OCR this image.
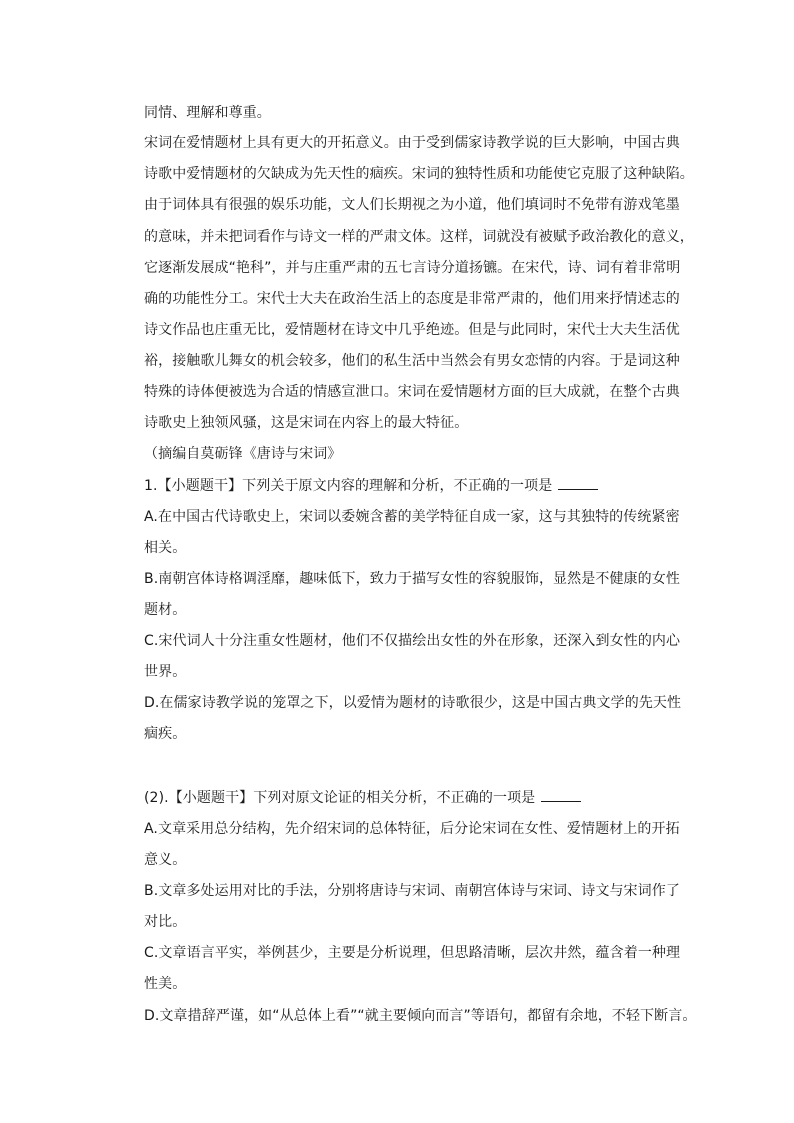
同情、理解和尊重。
宋词在爱情题材上具有更大的开拓意义。由于受到儒家诗教学说的巨大影响，中国古典
诗歌中爱情题材的欠缺成为先天性的痼疾。宋词的独特性质和功能使它克服了这种缺陷。
由于词体具有很强的娱乐功能，文人们长期视之为小道，他们填词时不免带有游戏笔墨
的意味，并未把词看作与诗文一样的严肃文体。这样，词就没有被赋予政治教化的意义，
它逐渐发展成“艳科”，并与庄重严肃的五七言诗分道扬镳。在宋代，诗、词有着非常明
确的功能性分工。宋代士大夫在政治生活上的态度是非常严肃的，他们用来抒情述志的
诗文作品也庄重无比，爱情题材在诗文中几乎绝迹。但是与此同时，宋代士大夫生活优
裕，接触歌儿舞女的机会较多，他们的私生活中当然会有男女恋情的内容。于是词这种
特殊的诗体便被选为合适的情感宣泄口。宋词在爱情题材方面的巨大成就，在整个古典
诗歌史上独领风骚，这是宋词在内容上的最大特征。
（摘编自莫砺锋《唐诗与宋词》
1.【小题题干】下列关于原文内容的理解和分析，不正确的一项是
A.在中国古代诗歌史上，宋词以委婉含蓄的美学特征自成一家，这与其独特的传统紧密
相关。
B.南朝宫体诗格调淫靡，趣味低下，致力于描写女性的容貌服饰，显然是不健康的女性
题材。
C.宋代词人十分注重女性题材，他们不仅描绘出女性的外在形象，还深入到女性的内心
世界。
D.在儒家诗教学说的笼罩之下，以爱情为题材的诗歌很少，这是中国古典文学的先天性
痼疾。
(2).【小题题干】下列对原文论证的相关分析，不正确的一项是
A.文章采用总分结构，先介绍宋词的总体特征，后分论宋词在女性、爱情题材上的开拓
意义。
B.文章多处运用对比的手法，分别将唐诗与宋词、南朝宫体诗与宋词、诗文与宋词作了
对比。
C.文章语言平实，举例甚少，主要是分析说理，但思路清晰，层次井然，蕴含着一种理
性美。
D.文章措辞严谨，如“从总体上看”“就主要倾向而言”等语句，都留有余地，不轻下断言。
